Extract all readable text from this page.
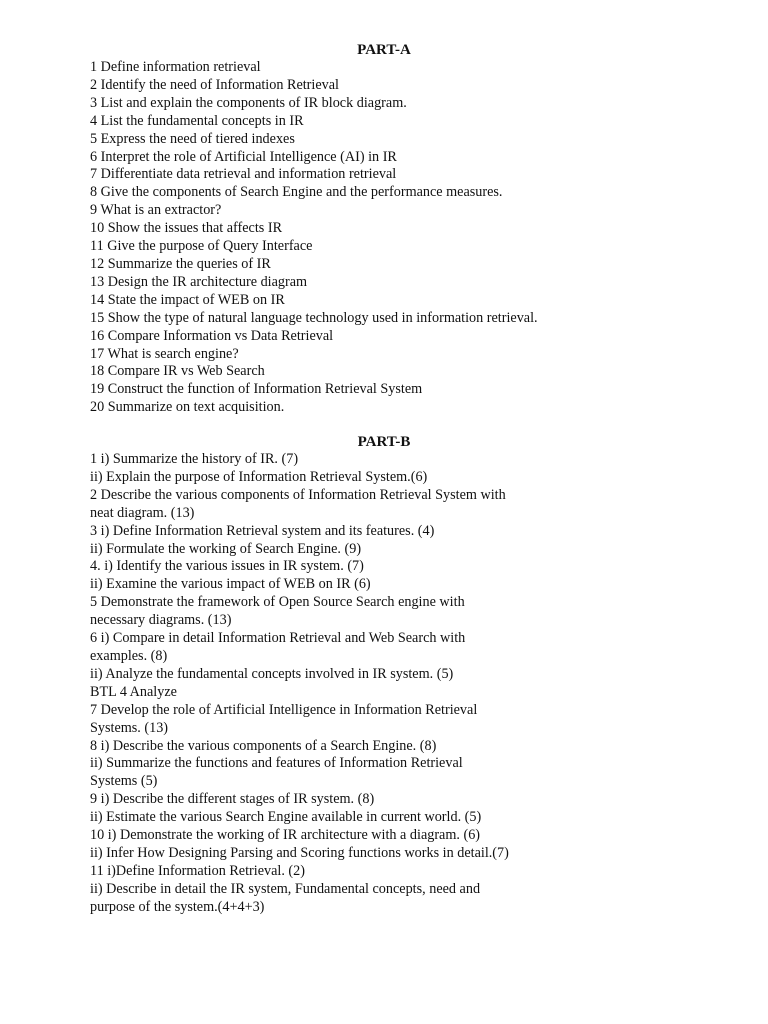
PART-A
1 Define information retrieval
2 Identify the need of Information Retrieval
3 List and explain the components of IR block diagram.
4 List the fundamental concepts in IR
5 Express the need of tiered indexes
6 Interpret the role of Artificial Intelligence (AI) in IR
7 Differentiate data retrieval and information retrieval
8 Give the components of Search Engine and the performance measures.
9 What is an extractor?
10 Show the issues that affects IR
11 Give the purpose of Query Interface
12 Summarize the queries of IR
13 Design the IR architecture diagram
14 State the impact of WEB on IR
15 Show the type of natural language technology used in information retrieval.
16 Compare Information vs Data Retrieval
17 What is search engine?
18 Compare IR vs Web Search
19 Construct the function of Information Retrieval System
20 Summarize on text acquisition.
PART-B
1 i) Summarize the history of IR. (7)
ii) Explain the purpose of Information Retrieval System.(6)
2 Describe the various components of Information Retrieval System with
neat diagram. (13)
3 i) Define Information Retrieval system and its features. (4)
ii) Formulate the working of Search Engine. (9)
4. i) Identify the various issues in IR system. (7)
ii) Examine the various impact of WEB on IR (6)
5 Demonstrate the framework of Open Source Search engine with
necessary diagrams. (13)
6 i) Compare in detail Information Retrieval and Web Search with
examples. (8)
ii) Analyze the fundamental concepts involved in IR system. (5)
BTL 4 Analyze
7 Develop the role of Artificial Intelligence in Information Retrieval
Systems. (13)
8 i) Describe the various components of a Search Engine. (8)
ii) Summarize the functions and features of Information Retrieval
Systems (5)
9 i) Describe the different stages of IR system. (8)
ii) Estimate the various Search Engine available in current world. (5)
10 i) Demonstrate the working of IR architecture with a diagram. (6)
ii) Infer How Designing Parsing and Scoring functions works in detail.(7)
11 i)Define Information Retrieval. (2)
ii) Describe in detail the IR system, Fundamental concepts, need and
purpose of the system.(4+4+3)
